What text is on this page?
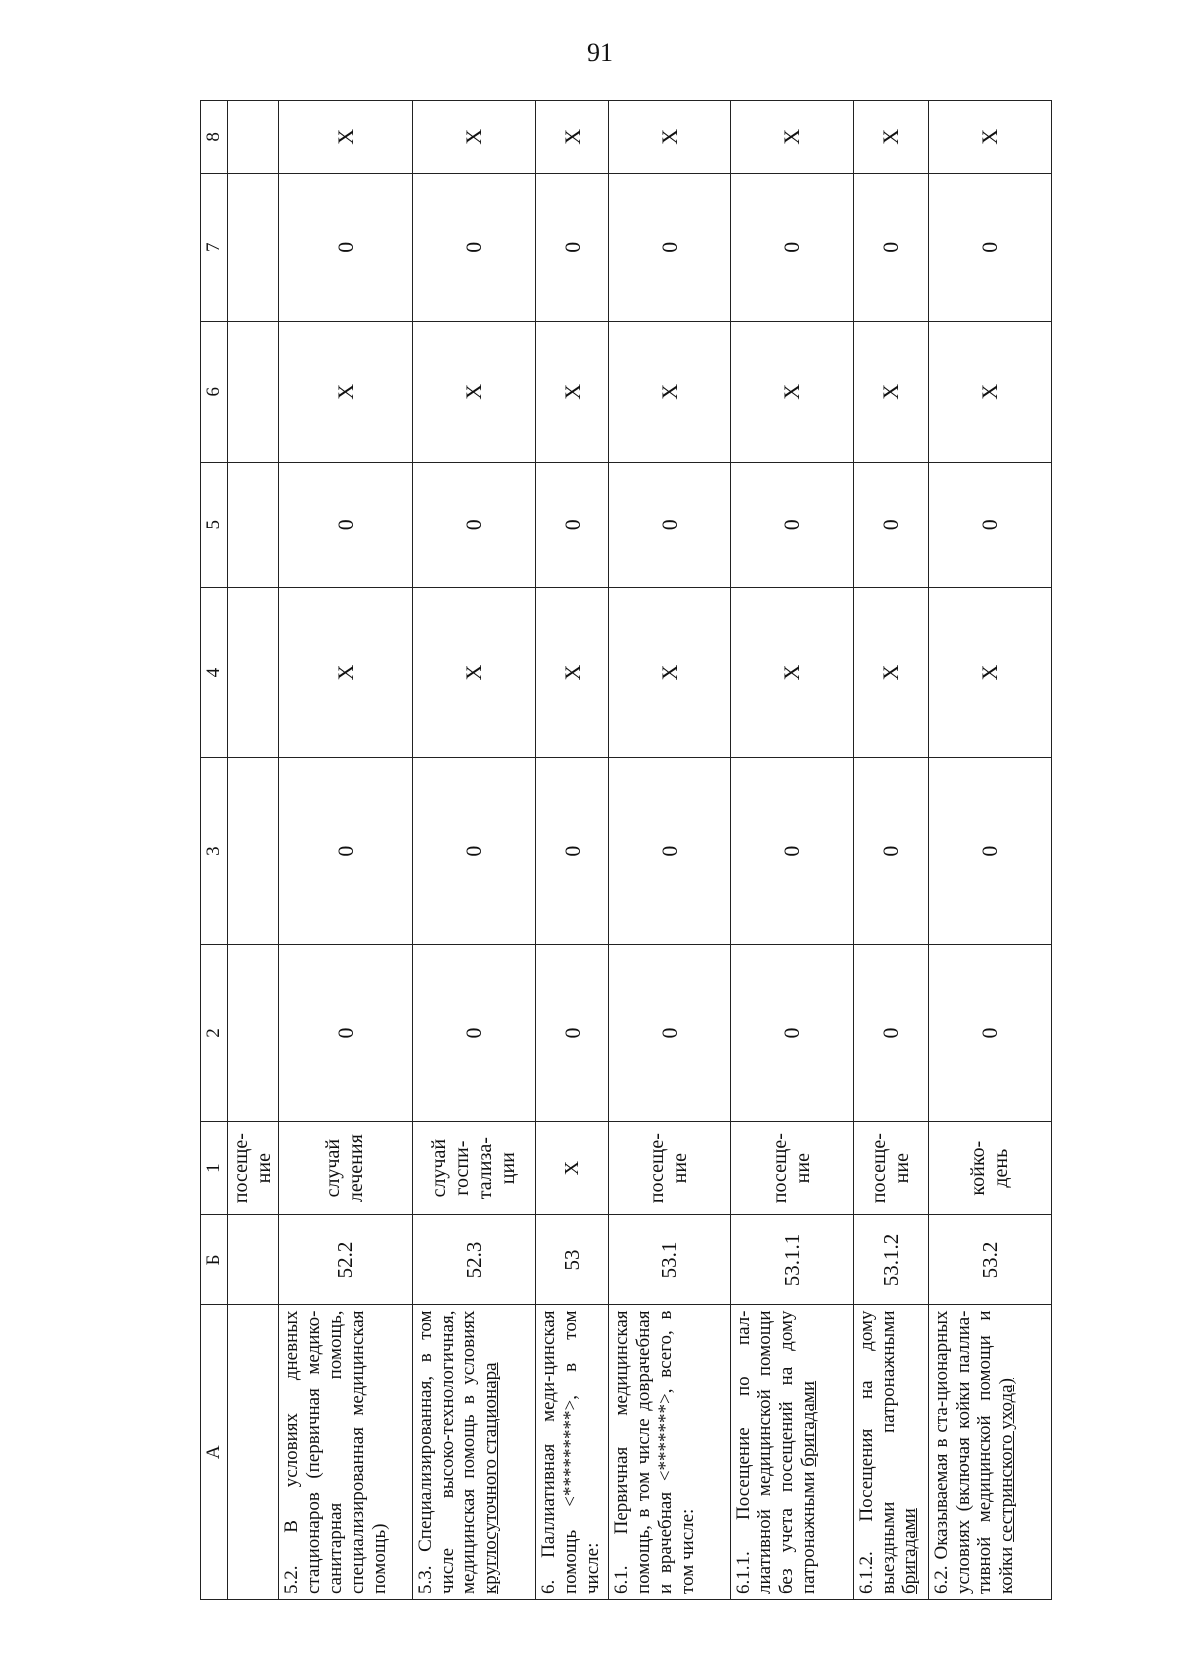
91
А	Б	1	2	3	4	5	6	7	8
		посеще-ние							
5.2. В условиях дневных стационаров (первичная медико-санитарная помощь, специализированная медицинская помощь)	52.2	случай лечения	0	0	Х	0	Х	0	Х
5.3. Специализированная, в том числе высоко-технологичная, медицинская помощь в условиях круглосуточного стационара	52.3	случай госпи-тализа-ции	0	0	Х	0	Х	0	Х
6. Паллиативная меди-цинская помощь <*********>, в том числе:	53	Х	0	0	Х	0	Х	0	Х
6.1. Первичная медицинская помощь, в том числе доврачебная и врачебная <*******>, всего, в том числе:	53.1	посеще-ние	0	0	Х	0	Х	0	Х
6.1.1. Посещение по пал-лиативной медицинской помощи без учета посещений на дому патронажными бригадами	53.1.1	посеще-ние	0	0	Х	0	Х	0	Х
6.1.2. Посещения на дому выездными патронажными бригадами	53.1.2	посеще-ние	0	0	Х	0	Х	0	Х
6.2. Оказываемая в ста-ционарных условиях (включая койки паллиа-тивной медицинской помощи и койки сестринского ухода)	53.2	койко-день	0	0	Х	0	Х	0	Х
